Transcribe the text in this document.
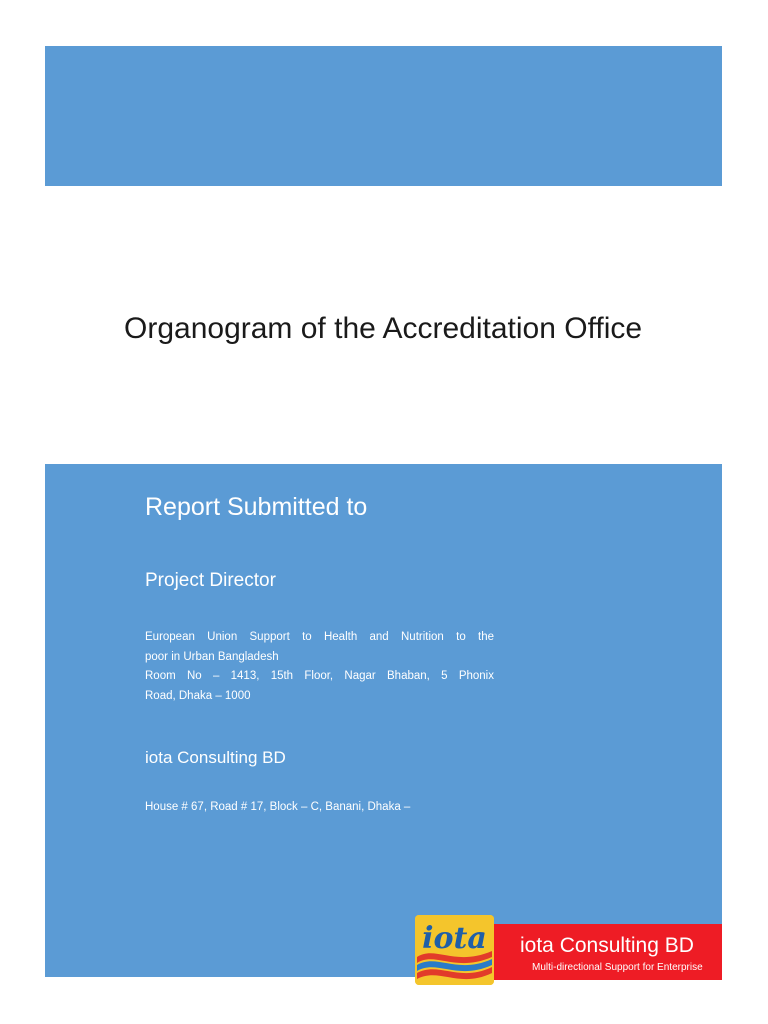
Organogram of the Accreditation Office
Report Submitted to
Project Director
European Union Support to Health and Nutrition to the
poor in Urban Bangladesh
Room No – 1413, 15th Floor, Nagar Bhaban, 5 Phonix
Road, Dhaka – 1000
iota Consulting BD
House # 67, Road # 17, Block – C, Banani, Dhaka –
iota iota Consulting BD
Multi-directional Support for Enterprise
